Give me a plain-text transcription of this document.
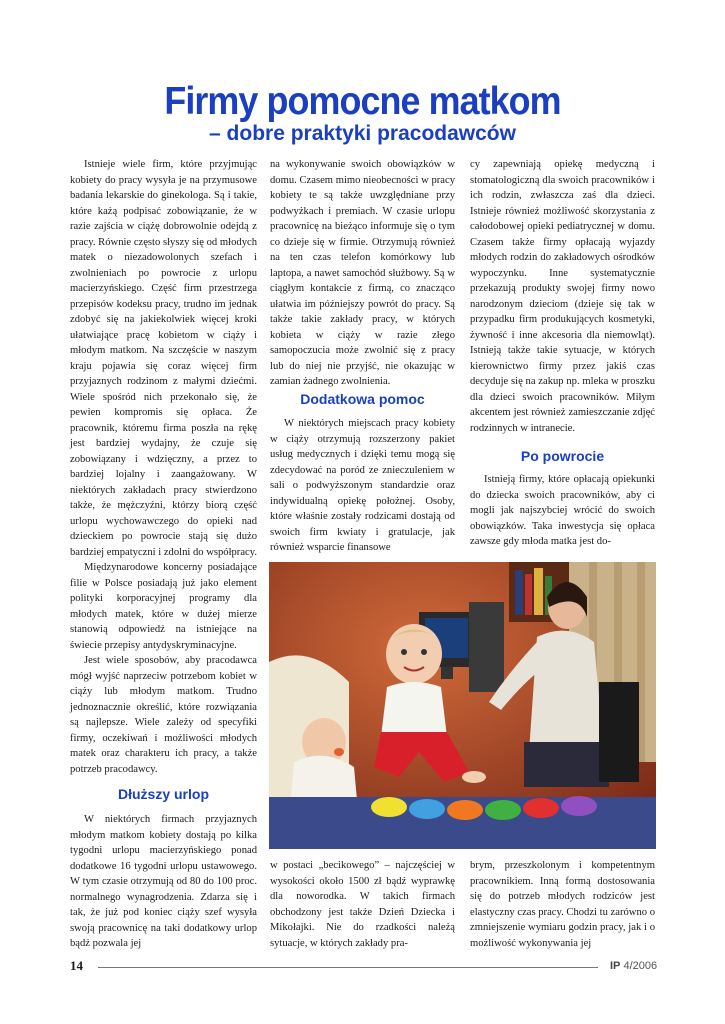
Firmy pomocne matkom
– dobre praktyki pracodawców

Istnieje wiele firm, które przyjmując kobiety do pracy wysyła je na przymusowe badania lekarskie do ginekologa. Są i takie, które każą podpisać zobowiązanie, że w razie zajścia w ciążę dobrowolnie odejdą z pracy. Równie często słyszy się od młodych matek o niezadowolonych szefach i zwolnieniach po powrocie z urlopu macierzyńskiego. Część firm przestrzega przepisów kodeksu pracy, trudno im jednak zdobyć się na jakiekolwiek więcej kroki ułatwiające pracę kobietom w ciąży i młodym matkom. Na szczęście w naszym kraju pojawia się coraz więcej firm przyjaznych rodzinom z małymi dziećmi. Wiele spośród nich przekonało się, że pewien kompromis się opłaca. Że pracownik, któremu firma poszła na rękę jest bardziej wydajny, że czuje się zobowiązany i wdzięczny, a przez to bardziej lojalny i zaangażowany. W niektórych zakładach pracy stwierdzono także, że mężczyźni, którzy biorą część urlopu wychowawczego do opieki nad dzieckiem po powrocie stają się dużo bardziej empatyczni i zdolni do współpracy.

Międzynarodowe koncerny posiadające filie w Polsce posiadają już jako element polityki korporacyjnej programy dla młodych matek, które w dużej mierze stanowią odpowiedź na istniejące na świecie przepisy antydyskryminacyjne.

Jest wiele sposobów, aby pracodawca mógł wyjść naprzeciw potrzebom kobiet w ciąży lub młodym matkom. Trudno jednoznacznie określić, które rozwiązania są najlepsze. Wiele zależy od specyfiki firmy, oczekiwań i możliwości młodych matek oraz charakteru ich pracy, a także potrzeb pracodawcy.

Dłuższy urlop

W niektórych firmach przyjaznych młodym matkom kobiety dostają po kilka tygodni urlopu macierzyńskiego ponad dodatkowe 16 tygodni urlopu ustawowego. W tym czasie otrzymują od 80 do 100 proc. normalnego wynagrodzenia. Zdarza się i tak, że już pod koniec ciąży szef wysyła swoją pracownicę na taki dodatkowy urlop bądź pozwala jej

na wykonywanie swoich obowiązków w domu. Czasem mimo nieobecności w pracy kobiety te są także uwzględniane przy podwyżkach i premiach. W czasie urlopu pracownicę na bieżąco informuje się o tym co dzieje się w firmie. Otrzymują również na ten czas telefon komórkowy lub laptopa, a nawet samochód służbowy. Są w ciągłym kontakcie z firmą, co znacząco ułatwia im późniejszy powrót do pracy. Są także takie zakłady pracy, w których kobieta w ciąży w razie złego samopoczucia może zwolnić się z pracy lub do niej nie przyjść, nie okazując w zamian żadnego zwolnienia.

Dodatkowa pomoc

W niektórych miejscach pracy kobiety w ciąży otrzymują rozszerzony pakiet usług medycznych i dzięki temu mogą się zdecydować na poród ze znieczuleniem w sali o podwyższonym standardzie oraz indywidualną opiekę położnej. Osoby, które właśnie zostały rodzicami dostają od swoich firm kwiaty i gratulacje, jak również wsparcie finansowe

w postaci „becikowego” – najczęściej w wysokości około 1500 zł bądź wyprawkę dla noworodka. W takich firmach obchodzony jest także Dzień Dziecka i Mikołajki. Nie do rzadkości należą sytuacje, w których zakłady pra-

cy zapewniają opiekę medyczną i stomatologiczną dla swoich pracowników i ich rodzin, zwłaszcza zaś dla dzieci. Istnieje również możliwość skorzystania z całodobowej opieki pediatrycznej w domu. Czasem także firmy opłacają wyjazdy młodych rodzin do zakładowych ośrodków wypoczynku. Inne systematycznie przekazują produkty swojej firmy nowo narodzonym dzieciom (dzieje się tak w przypadku firm produkujących kosmetyki, żywność i inne akcesoria dla niemowląt). Istnieją także takie sytuacje, w których kierownictwo firmy przez jakiś czas decyduje się na zakup np. mleka w proszku dla dzieci swoich pracowników. Miłym akcentem jest również zamieszczanie zdjęć rodzinnych w intranecie.

Po powrocie

Istnieją firmy, które opłacają opiekunki do dziecka swoich pracowników, aby ci mogli jak najszybciej wrócić do swoich obowiązków. Taka inwestycja się opłaca zawsze gdy młoda matka jest do-

brym, przeszkolonym i kompetentnym pracownikiem. Inną formą dostosowania się do potrzeb młodych rodziców jest elastyczny czas pracy. Chodzi tu zarówno o zmniejszenie wymiaru godzin pracy, jak i o możliwość wykonywania jej

14	IP 4/2006
